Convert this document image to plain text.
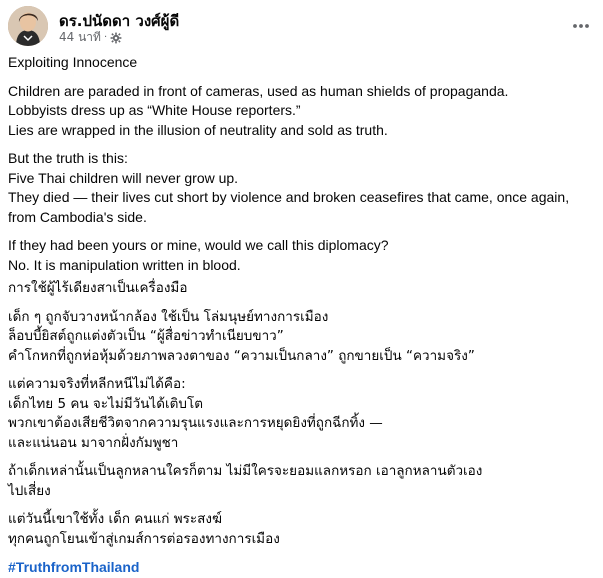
ดร.ปนัดดา วงศ์ผู้ดี
44 นาที ·

Exploiting Innocence

Children are paraded in front of cameras, used as human shields of propaganda.
Lobbyists dress up as “White House reporters.”
Lies are wrapped in the illusion of neutrality and sold as truth.

But the truth is this:
Five Thai children will never grow up.
They died — their lives cut short by violence and broken ceasefires that came, once again, from Cambodia's side.

If they had been yours or mine, would we call this diplomacy?
No. It is manipulation written in blood.

การใช้ผู้ไร้เดียงสาเป็นเครื่องมือ

เด็ก ๆ ถูกจับวางหน้ากล้อง ใช้เป็น โล่มนุษย์ทางการเมือง
ล็อบบี้ยิสต์ถูกแต่งตัวเป็น “ผู้สื่อข่าวทำเนียบขาว”
คำโกหกที่ถูกห่อหุ้มด้วยภาพลวงตาของ “ความเป็นกลาง” ถูกขายเป็น “ความจริง”

แต่ความจริงที่หลีกหนีไม่ได้คือ:
เด็กไทย 5 คน จะไม่มีวันได้เติบโต
พวกเขาต้องเสียชีวิตจากความรุนแรงและการหยุดยิงที่ถูกฉีกทิ้ง —
และแน่นอน มาจากฝั่งกัมพูชา

ถ้าเด็กเหล่านั้นเป็นลูกหลานใครก็ตาม ไม่มีใครจะยอมแลกหรอก เอาลูกหลานตัวเอง
ไปเสี่ยง

แต่วันนี้เขาใช้ทั้ง เด็ก คนแก่ พระสงฆ์
ทุกคนถูกโยนเข้าสู่เกมส์การต่อรองทางการเมือง

#TruthfromThailand
